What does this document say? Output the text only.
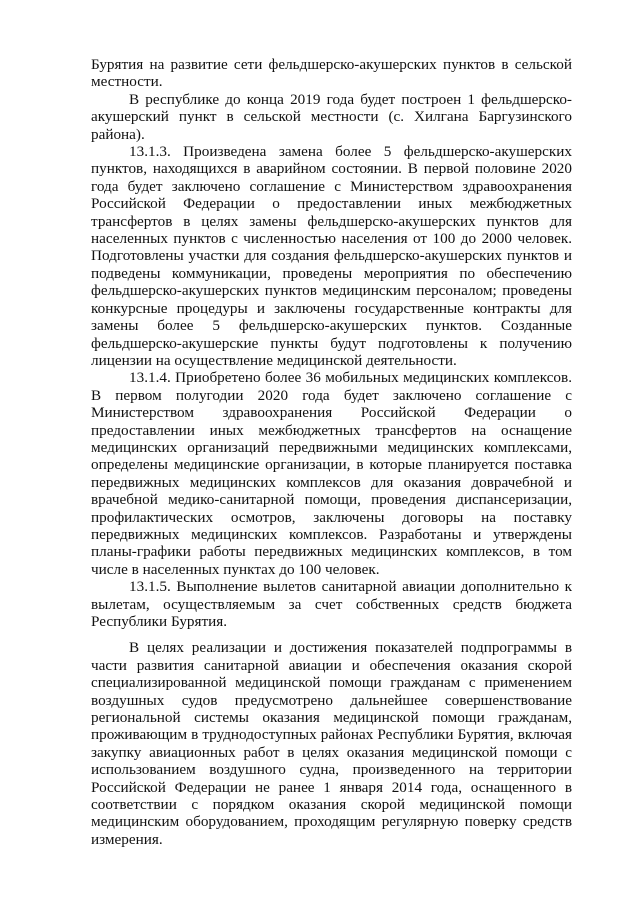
Бурятия на развитие сети фельдшерско-акушерских пунктов в сельской местности.

В республике до конца 2019 года будет построен 1 фельдшерско-акушерский пункт в сельской местности (с. Хилгана Баргузинского района).

13.1.3. Произведена замена более 5 фельдшерско-акушерских пунктов, находящихся в аварийном состоянии. В первой половине 2020 года будет заключено соглашение с Министерством здравоохранения Российской Федерации о предоставлении иных межбюджетных трансфертов в целях замены фельдшерско-акушерских пунктов для населенных пунктов с численностью населения от 100 до 2000 человек. Подготовлены участки для создания фельдшерско-акушерских пунктов и подведены коммуникации, проведены мероприятия по обеспечению фельдшерско-акушерских пунктов медицинским персоналом; проведены конкурсные процедуры и заключены государственные контракты для замены более 5 фельдшерско-акушерских пунктов. Созданные фельдшерско-акушерские пункты будут подготовлены к получению лицензии на осуществление медицинской деятельности.

13.1.4. Приобретено более 36 мобильных медицинских комплексов. В первом полугодии 2020 года будет заключено соглашение с Министерством здравоохранения Российской Федерации о предоставлении иных межбюджетных трансфертов на оснащение медицинских организаций передвижными медицинских комплексами, определены медицинские организации, в которые планируется поставка передвижных медицинских комплексов для оказания доврачебной и врачебной медико-санитарной помощи, проведения диспансеризации, профилактических осмотров, заключены договоры на поставку передвижных медицинских комплексов. Разработаны и утверждены планы-графики работы передвижных медицинских комплексов, в том числе в населенных пунктах до 100 человек.

13.1.5. Выполнение вылетов санитарной авиации дополнительно к вылетам, осуществляемым за счет собственных средств бюджета Республики Бурятия.

В целях реализации и достижения показателей подпрограммы в части развития санитарной авиации и обеспечения оказания скорой специализированной медицинской помощи гражданам с применением воздушных судов предусмотрено дальнейшее совершенствование региональной системы оказания медицинской помощи гражданам, проживающим в труднодоступных районах Республики Бурятия, включая закупку авиационных работ в целях оказания медицинской помощи с использованием воздушного судна, произведенного на территории Российской Федерации не ранее 1 января 2014 года, оснащенного в соответствии с порядком оказания скорой медицинской помощи медицинским оборудованием, проходящим регулярную поверку средств измерения.
